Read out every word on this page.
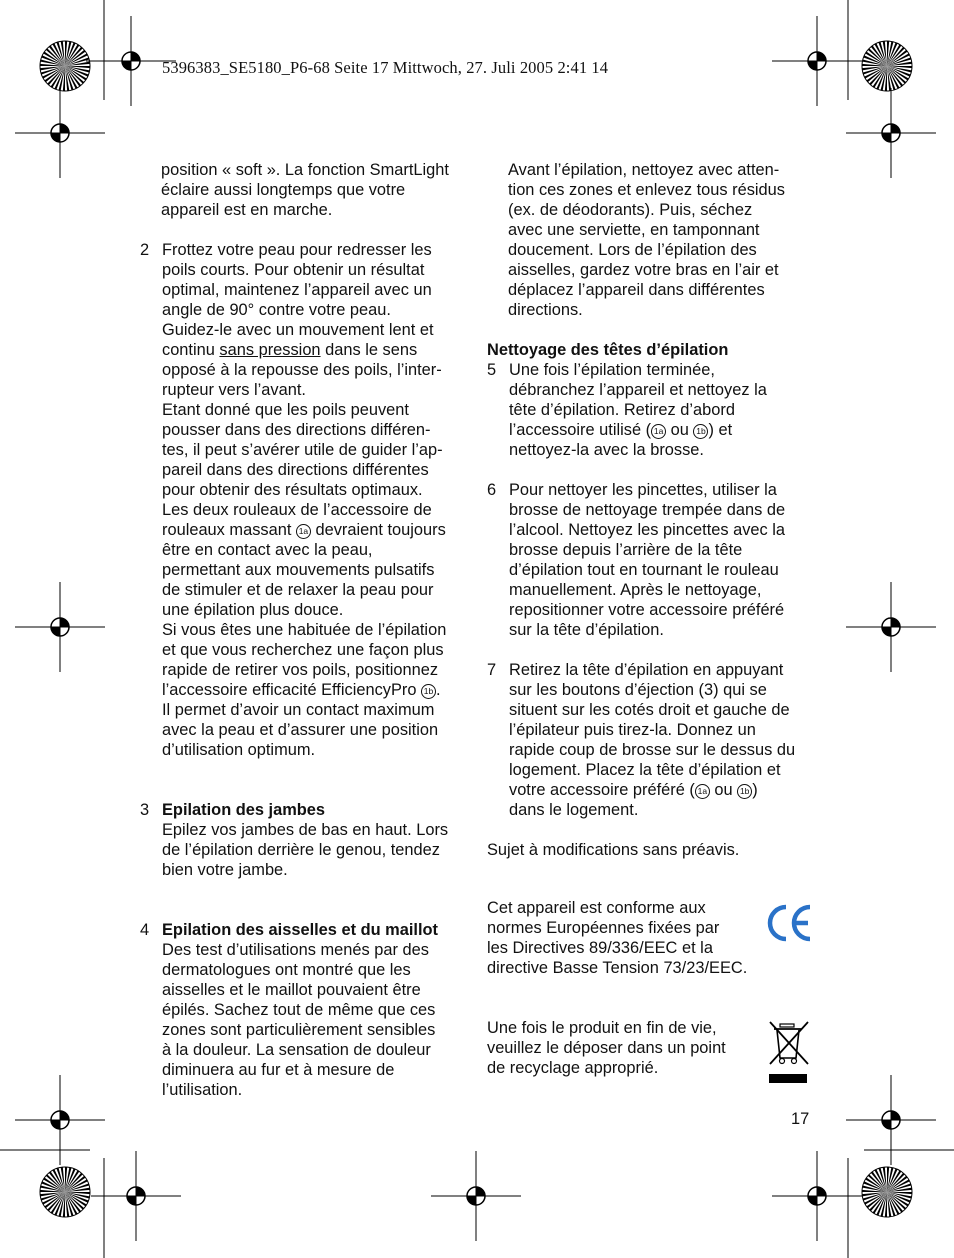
5396383_SE5180_P6-68 Seite 17 Mittwoch, 27. Juli 2005 2:41 14

position « soft ». La fonction SmartLight

éclaire aussi longtemps que votre

appareil est en marche.

2 Frottez votre peau pour redresser les

poils courts. Pour obtenir un résultat

optimal, maintenez l’appareil avec un

angle de 90° contre votre peau.

Guidez-le avec un mouvement lent et

continu sans pression dans le sens

opposé à la repousse des poils, l’inter-

rupteur vers l’avant.

Etant donné que les poils peuvent

pousser dans des directions différen-

tes, il peut s’avérer utile de guider l’ap-

pareil dans des directions différentes

pour obtenir des résultats optimaux.

Les deux rouleaux de l’accessoire de

rouleaux massant 1a devraient toujours

être en contact avec la peau,

permettant aux mouvements pulsatifs

de stimuler et de relaxer la peau pour

une épilation plus douce.

Si vous êtes une habituée de l’épilation

et que vous recherchez une façon plus

rapide de retirer vos poils, positionnez

l’accessoire efficacité EfficiencyPro 1b .

Il permet d’avoir un contact maximum

avec la peau et d’assurer une position

d’utilisation optimum.

3 Epilation des jambes

Epilez vos jambes de bas en haut. Lors

de l’épilation derrière le genou, tendez

bien votre jambe.

4 Epilation des aisselles et du maillot

Des test d’utilisations menés par des

dermatologues ont montré que les

aisselles et le maillot pouvaient être

épilés. Sachez tout de même que ces

zones sont particulièrement sensibles

à la douleur. La sensation de douleur

diminuera au fur et à mesure de

l’utilisation.

Avant l’épilation, nettoyez avec atten-

tion ces zones et enlevez tous résidus

(ex. de déodorants). Puis, séchez

avec une serviette, en tamponnant

doucement. Lors de l’épilation des

aisselles, gardez votre bras en l’air et

déplacez l’appareil dans différentes

directions.

Nettoyage des têtes d’épilation

5 Une fois l’épilation terminée,

débranchez l’appareil et nettoyez la

tête d’épilation. Retirez d’abord

l’accessoire utilisé ( 1a ou 1b ) et

nettoyez-la avec la brosse.

6 Pour nettoyer les pincettes, utiliser la

brosse de nettoyage trempée dans de

l’alcool. Nettoyez les pincettes avec la

brosse depuis l’arrière de la tête

d’épilation tout en tournant le rouleau

manuellement. Après le nettoyage,

repositionner votre accessoire préféré

sur la tête d’épilation.

7 Retirez la tête d’épilation en appuyant

sur les boutons d’éjection (3) qui se

situent sur les cotés droit et gauche de

l’épilateur puis tirez-la. Donnez un

rapide coup de brosse sur le dessus du

logement. Placez la tête d’épilation et

votre accessoire préféré ( 1a ou 1b )

dans le logement.

Sujet à modifications sans préavis.

Cet appareil est conforme aux

normes Européennes fixées par

les Directives 89/336/EEC et la

directive Basse Tension 73/23/EEC.

Une fois le produit en fin de vie,

veuillez le déposer dans un point

de recyclage approprié.

17
